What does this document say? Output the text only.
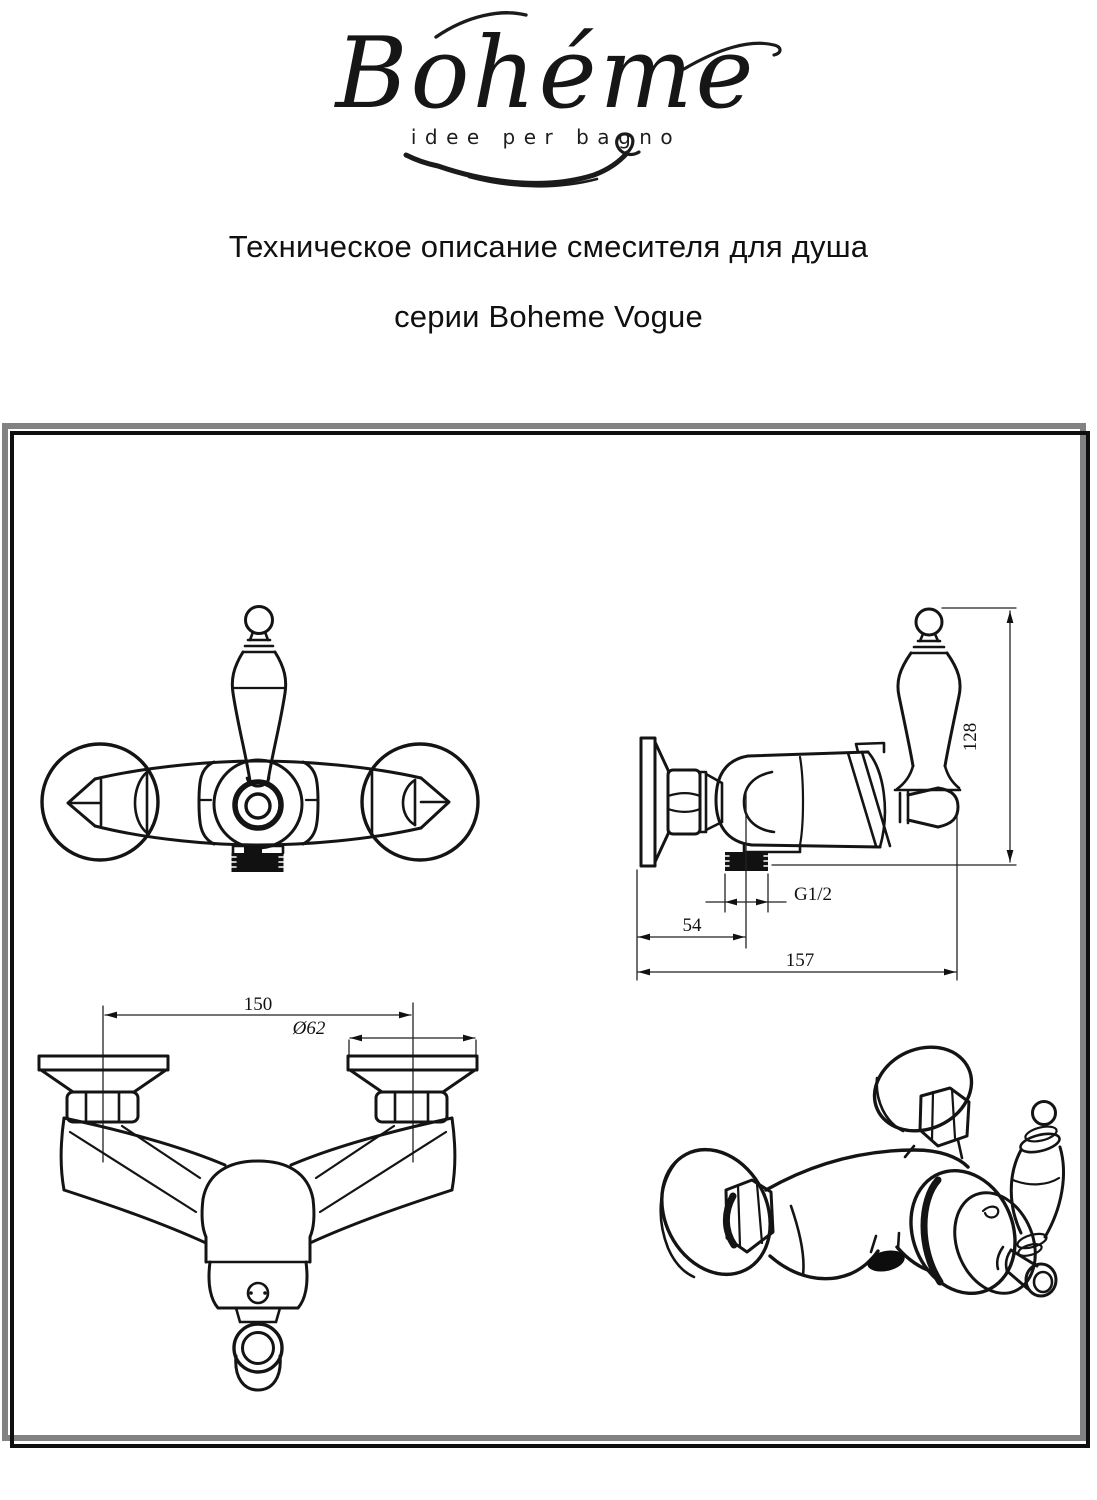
Bohéme
idee per bagno
Техническое описание смесителя для душа
серии Boheme Vogue
128
G1/2
54
157
150
Ø62
